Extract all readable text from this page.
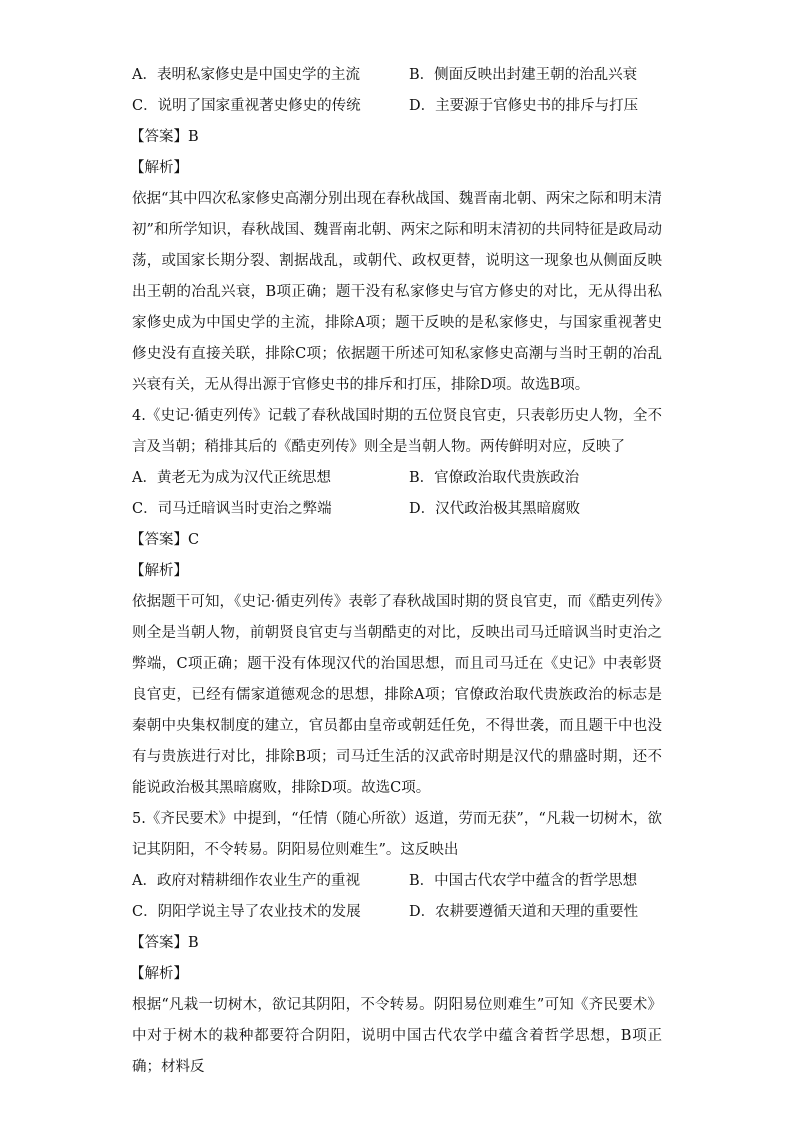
A．表明私家修史是中国史学的主流	B．侧面反映出封建王朝的治乱兴衰
C．说明了国家重视著史修史的传统	D．主要源于官修史书的排斥与打压
【答案】B
【解析】

依据“其中四次私家修史高潮分别出现在春秋战国、魏晋南北朝、两宋之际和明末清初”和所学知识，春秋战国、魏晋南北朝、两宋之际和明末清初的共同特征是政局动荡，或国家长期分裂、割据战乱，或朝代、政权更替，说明这一现象也从侧面反映出王朝的冶乱兴衰，B项正确；题干没有私家修史与官方修史的对比，无从得出私家修史成为中国史学的主流，排除A项；题干反映的是私家修史，与国家重视著史修史没有直接关联，排除C项；依据题干所述可知私家修史高潮与当时王朝的冶乱兴衰有关，无从得出源于官修史书的排斥和打压，排除D项。故选B项。

4.《史记·循吏列传》记载了春秋战国时期的五位贤良官吏，只表彰历史人物，全不言及当朝；稍排其后的《酷吏列传》则全是当朝人物。两传鲜明对应，反映了

A．黄老无为成为汉代正统思想	B．官僚政治取代贵族政治
C．司马迁暗讽当时吏治之弊端	D．汉代政治极其黑暗腐败
【答案】C
【解析】

依据题干可知，《史记·循吏列传》表彰了春秋战国时期的贤良官吏，而《酷吏列传》则全是当朝人物，前朝贤良官吏与当朝酷吏的对比，反映出司马迁暗讽当时吏治之弊端，C项正确；题干没有体现汉代的治国思想，而且司马迁在《史记》中表彰贤良官吏，已经有儒家道德观念的思想，排除A项；官僚政治取代贵族政治的标志是秦朝中央集权制度的建立，官员都由皇帝或朝廷任免，不得世袭，而且题干中也没有与贵族进行对比，排除B项；司马迁生活的汉武帝时期是汉代的鼎盛时期，还不能说政治极其黑暗腐败，排除D项。故选C项。

5.《齐民要术》中提到，“任情（随心所欲）返道，劳而无获”，“凡栽一切树木，欲记其阴阳，不令转易。阴阳易位则难生”。这反映出

A．政府对精耕细作农业生产的重视	B．中国古代农学中蕴含的哲学思想
C．阴阳学说主导了农业技术的发展	D．农耕要遵循天道和天理的重要性
【答案】B
【解析】

根据“凡栽一切树木，欲记其阴阳，不令转易。阴阳易位则难生”可知《齐民要术》中对于树木的栽种都要符合阴阳，说明中国古代农学中蕴含着哲学思想，B项正确；材料反
